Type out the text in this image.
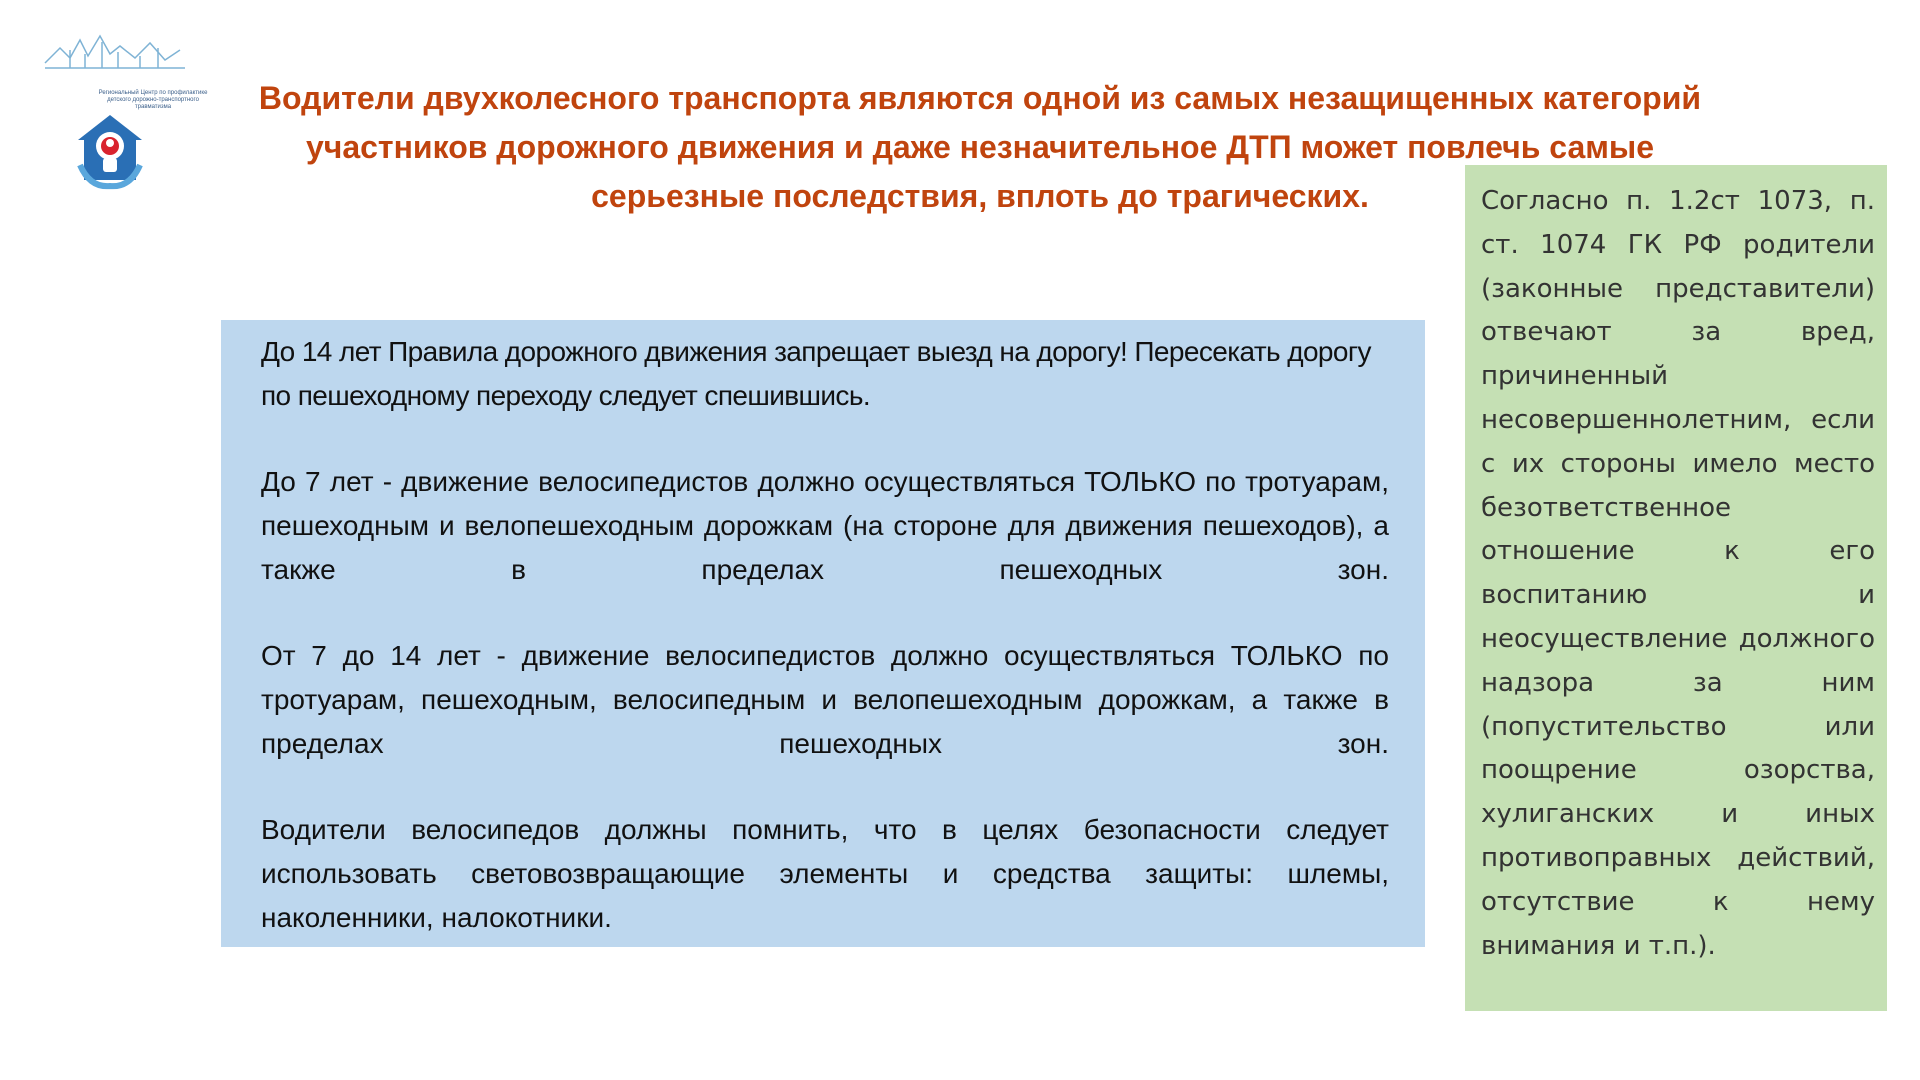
Региональный Центр по профилактике детского дорожно-транспортного травматизма	Водители двухколесного транспорта являются одной из самых незащищенных категорий
участников дорожного движения и даже незначительное ДТП может повлечь самые
серьезные последствия, вплоть до трагических.

До 14 лет Правила дорожного движения запрещает выезд на дорогу! Пересекать дорогу по пешеходному переходу следует спешившись.

До 7 лет - движение велосипедистов должно осуществляться ТОЛЬКО по тротуарам, пешеходным и велопешеходным дорожкам (на стороне для движения пешеходов), а также в пределах пешеходных зон.

От 7 до 14 лет - движение велосипедистов должно осуществляться ТОЛЬКО по тротуарам, пешеходным, велосипедным и велопешеходным дорожкам, а также в пределах пешеходных зон.

Водители велосипедов должны помнить, что в целях безопасности следует использовать световозвращающие элементы и средства защиты: шлемы, наколенники, налокотники.

Согласно п. 1.2ст 1073, п. ст. 1074 ГК РФ родители (законные представители) отвечают за вред, причиненный несовершеннолетним, если с их стороны имело место безответственное отношение к его воспитанию и неосуществление должного надзора за ним (попустительство или поощрение озорства, хулиганских и иных противоправных действий, отсутствие к нему внимания и т.п.).
